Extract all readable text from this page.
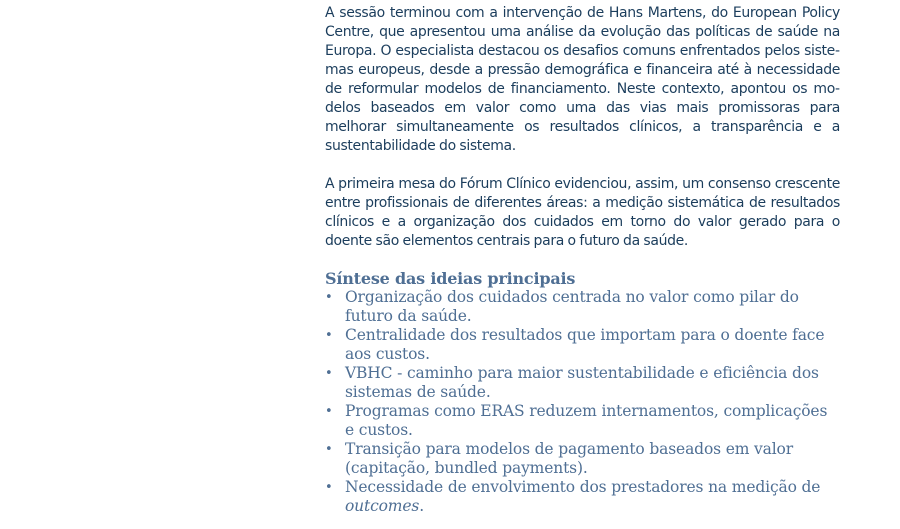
A sessão terminou com a intervenção de Hans Martens, do European Policy Centre, que apresentou uma análise da evolução das políticas de saúde na Europa. O especialista destacou os desafios comuns enfrentados pelos sistemas europeus, desde a pressão demográfica e financeira até à necessidade de reformular modelos de financiamento. Neste contexto, apontou os modelos baseados em valor como uma das vias mais promissoras para melhorar simultaneamente os resultados clínicos, a transparência e a sustentabilidade do sistema.

A primeira mesa do Fórum Clínico evidenciou, assim, um consenso crescente entre profissionais de diferentes áreas: a medição sistemática de resultados clínicos e a organização dos cuidados em torno do valor gerado para o doente são elementos centrais para o futuro da saúde.

Síntese das ideias principais
• Organização dos cuidados centrada no valor como pilar do futuro da saúde.
• Centralidade dos resultados que importam para o doente face aos custos.
• VBHC - caminho para maior sustentabilidade e eficiência dos sistemas de saúde.
• Programas como ERAS reduzem internamentos, complicações e custos.
• Transição para modelos de pagamento baseados em valor (capitação, bundled payments).
• Necessidade de envolvimento dos prestadores na medição de outcomes.
